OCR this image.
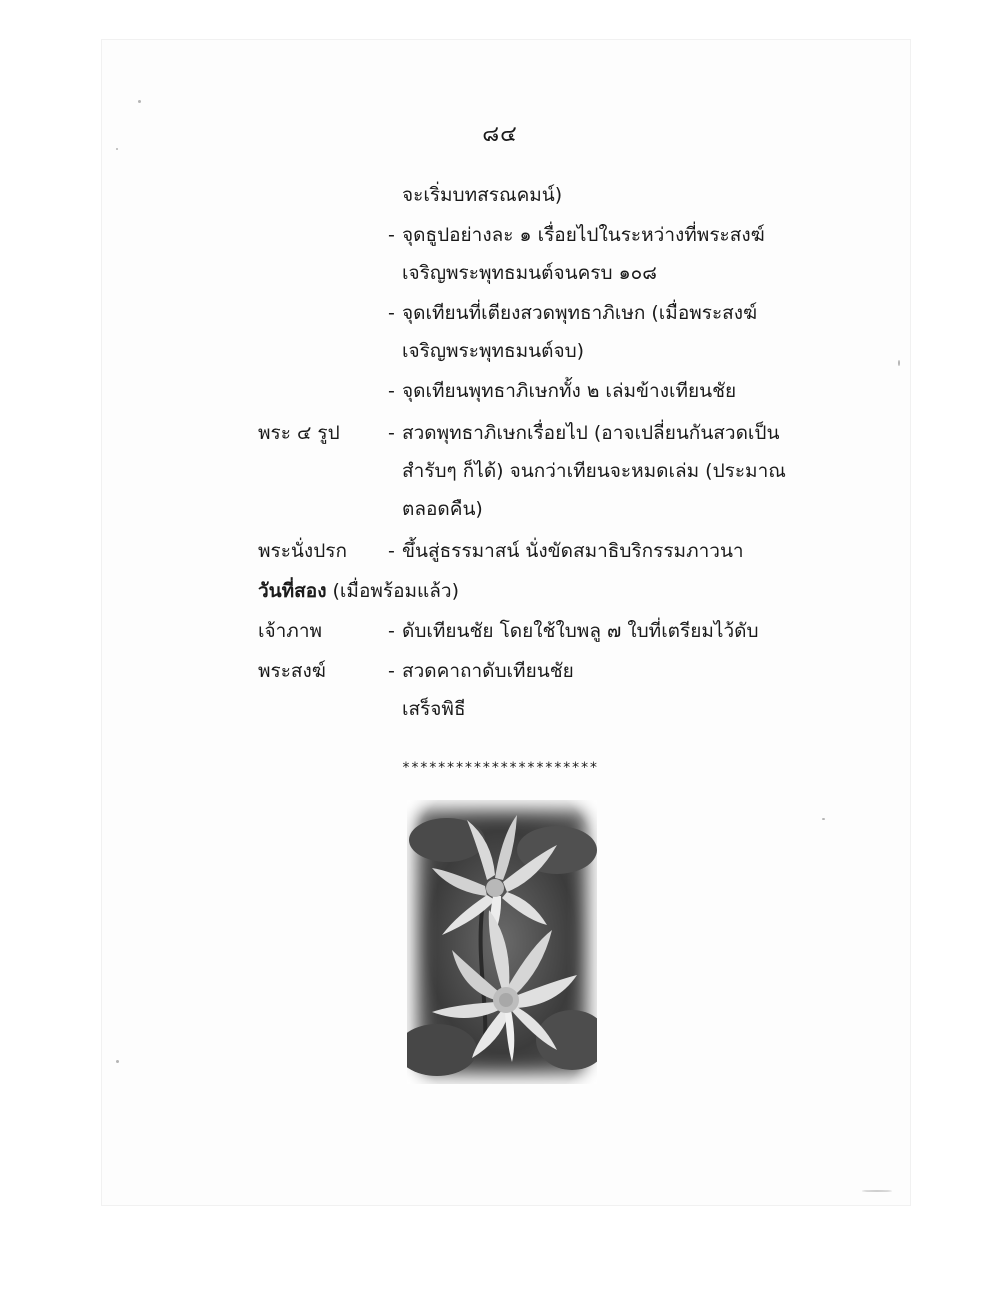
๘๔
จะเริ่มบทสรณคมน์)
- จุดธูปอย่างละ ๑ เรื่อยไปในระหว่างที่พระสงฆ์
เจริญพระพุทธมนต์จนครบ ๑๐๘
- จุดเทียนที่เตียงสวดพุทธาภิเษก (เมื่อพระสงฆ์
เจริญพระพุทธมนต์จบ)
- จุดเทียนพุทธาภิเษกทั้ง ๒ เล่มข้างเทียนชัย
พระ ๔ รูป	- สวดพุทธาภิเษกเรื่อยไป (อาจเปลี่ยนกันสวดเป็น
สำรับๆ ก็ได้) จนกว่าเทียนจะหมดเล่ม (ประมาณ
ตลอดคืน)
พระนั่งปรก - ขึ้นสู่ธรรมาสน์ นั่งขัดสมาธิบริกรรมภาวนา
วันที่สอง (เมื่อพร้อมแล้ว)
เจ้าภาพ	- ดับเทียนชัย โดยใช้ใบพลู ๗ ใบที่เตรียมไว้ดับ
พระสงฆ์	- สวดคาถาดับเทียนชัย
เสร็จพิธี
**********************
